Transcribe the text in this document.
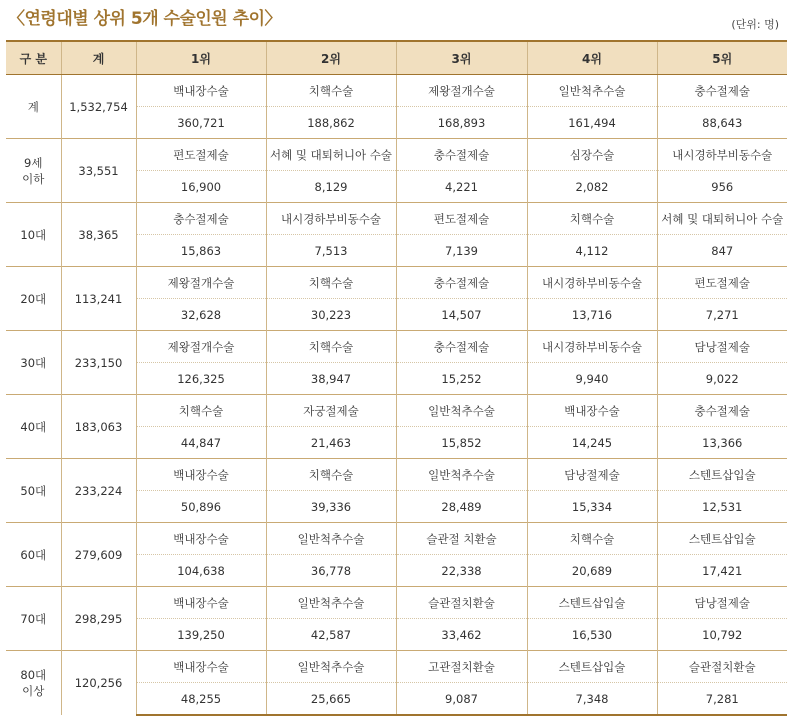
〈연령대별 상위 5개 수술인원 추이〉	(단위: 명)
구 분	계	1위	2위	3위	4위	5위
계	1,532,754	백내장수술	치핵수술	제왕절개수술	일반척추수술	충수절제술
		360,721	188,862	168,893	161,494	88,643
9세
이하	33,551	편도절제술	서혜 및 대퇴허니아 수술	충수절제술	심장수술	내시경하부비동수술
		16,900	8,129	4,221	2,082	956
10대	38,365	충수절제술	내시경하부비동수술	편도절제술	치핵수술	서혜 및 대퇴허니아 수술
		15,863	7,513	7,139	4,112	847
20대	113,241	제왕절개수술	치핵수술	충수절제술	내시경하부비동수술	편도절제술
		32,628	30,223	14,507	13,716	7,271
30대	233,150	제왕절개수술	치핵수술	충수절제술	내시경하부비동수술	담낭절제술
		126,325	38,947	15,252	9,940	9,022
40대	183,063	치핵수술	자궁절제술	일반척추수술	백내장수술	충수절제술
		44,847	21,463	15,852	14,245	13,366
50대	233,224	백내장수술	치핵수술	일반척추수술	담낭절제술	스텐트삽입술
		50,896	39,336	28,489	15,334	12,531
60대	279,609	백내장수술	일반척추수술	슬관절 치환술	치핵수술	스텐트삽입술
		104,638	36,778	22,338	20,689	17,421
70대	298,295	백내장수술	일반척추수술	슬관절치환술	스텐트삽입술	담낭절제술
		139,250	42,587	33,462	16,530	10,792
80대
이상	120,256	백내장수술	일반척추수술	고관절치환술	스텐트삽입술	슬관절치환술
		48,255	25,665	9,087	7,348	7,281
